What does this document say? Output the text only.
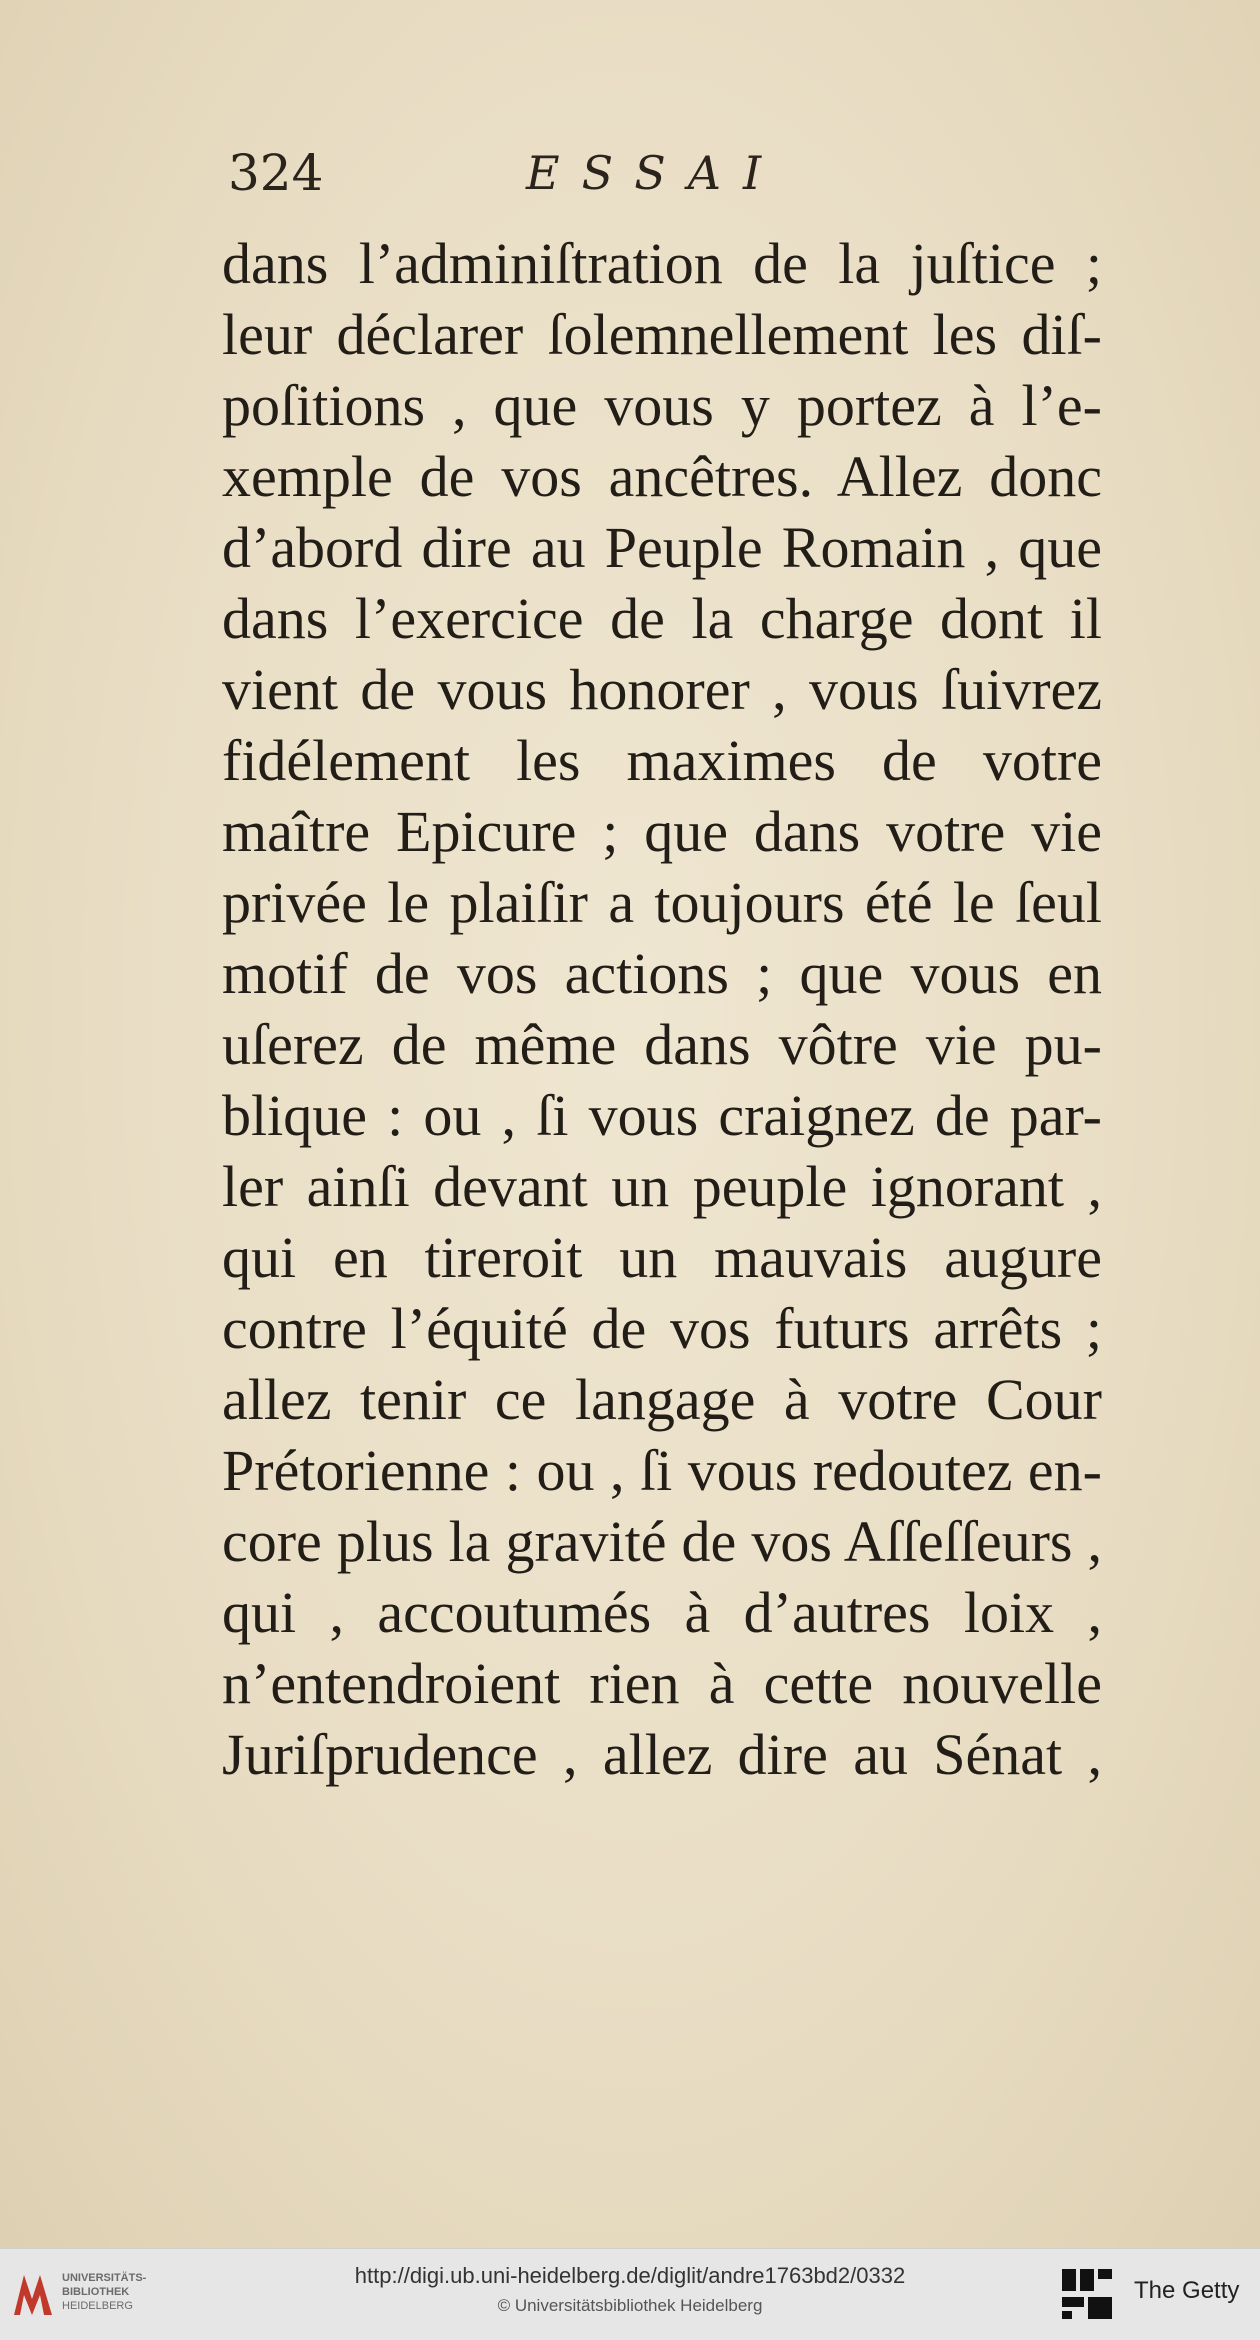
324	ESSAI
dans l’adminiſtration de la juſtice ;
leur déclarer ſolemnellement les diſ-
poſitions , que vous y portez à l’e-
xemple de vos ancêtres. Allez donc
d’abord dire au Peuple Romain , que
dans l’exercice de la charge dont il
vient de vous honorer , vous ſuivrez
fidélement les maximes de votre
maître Epicure ; que dans votre vie
privée le plaiſir a toujours été le ſeul
motif de vos actions ; que vous en
uſerez de même dans vôtre vie pu-
blique : ou , ſi vous craignez de par-
ler ainſi devant un peuple ignorant ,
qui en tireroit un mauvais augure
contre l’équité de vos futurs arrêts ;
allez tenir ce langage à votre Cour
Prétorienne : ou , ſi vous redoutez en-
core plus la gravité de vos Aſſeſſeurs ,
qui , accoutumés à d’autres loix ,
n’entendroient rien à cette nouvelle
Juriſprudence , allez dire au Sénat ,
UNIVERSITÄTS-
BIBLIOTHEK
HEIDELBERG
http://digi.ub.uni-heidelberg.de/diglit/andre1763bd2/0332
© Universitätsbibliothek Heidelberg
The Getty
